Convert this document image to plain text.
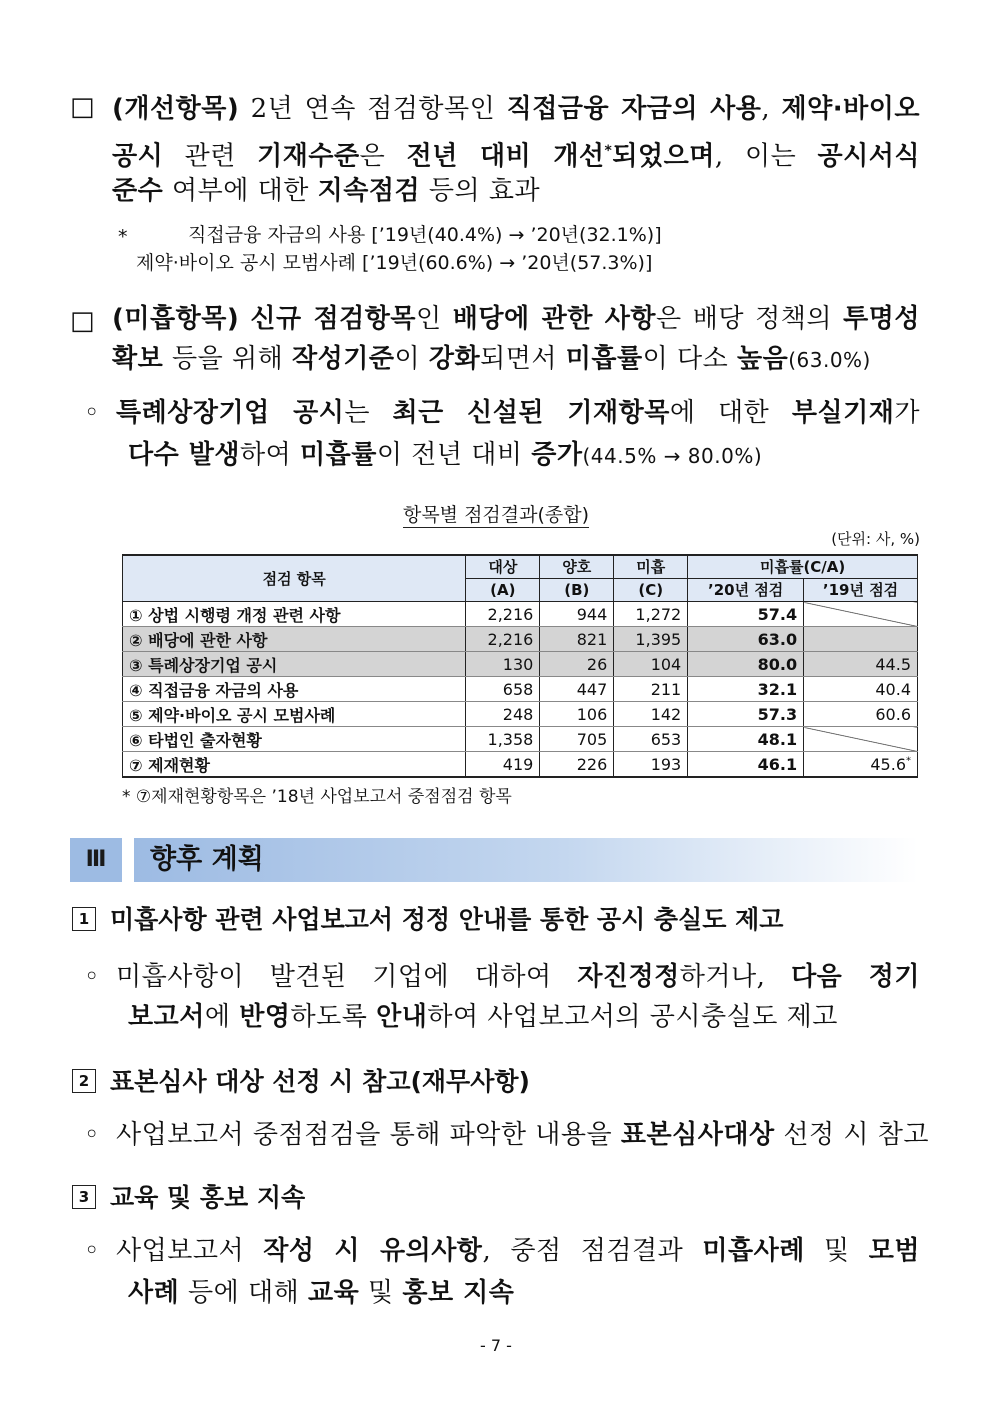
□ (개선항목) 2년 연속 점검항목인 직접금융 자금의 사용, 제약·바이오
공시 관련 기재수준은 전년 대비 개선*되었으며, 이는 공시서식
준수 여부에 대한 지속점검 등의 효과
*	직접금융 자금의 사용 [’19년(40.4%) → ’20년(32.1%)]
제약·바이오 공시 모범사례 [’19년(60.6%) → ’20년(57.3%)]
□ (미흡항목) 신규 점검항목인 배당에 관한 사항은 배당 정책의 투명성
확보 등을 위해 작성기준이 강화되면서 미흡률이 다소 높음(63.0%)
◦ 특례상장기업 공시는 최근 신설된 기재항목에 대한 부실기재가
다수 발생하여 미흡률이 전년 대비 증가(44.5% → 80.0%)
항목별 점검결과(종합)
(단위: 사, %)
점검 항목	대상	양호	미흡	미흡률(C/A)	
	(A)	(B)	(C)	’20년 점검	’19년 점검
① 상법 시행령 개정 관련 사항	2,216	944	1,272	57.4	
② 배당에 관한 사항	2,216	821	1,395	63.0	
③ 특례상장기업 공시	130	26	104	80.0	44.5
④ 직접금융 자금의 사용	658	447	211	32.1	40.4
⑤ 제약·바이오 공시 모범사례	248	106	142	57.3	60.6
⑥ 타법인 출자현황	1,358	705	653	48.1	
⑦ 제재현황	419	226	193	46.1	45.6*
* ⑦제재현황항목은 ’18년 사업보고서 중점점검 항목
Ⅲ	향후 계획
1 미흡사항 관련 사업보고서 정정 안내를 통한 공시 충실도 제고
◦ 미흡사항이 발견된 기업에 대하여 자진정정하거나, 다음 정기
보고서에 반영하도록 안내하여 사업보고서의 공시충실도 제고
2 표본심사 대상 선정 시 참고(재무사항)
◦ 사업보고서 중점점검을 통해 파악한 내용을 표본심사대상 선정 시 참고
3 교육 및 홍보 지속
◦ 사업보고서 작성 시 유의사항, 중점 점검결과 미흡사례 및 모범
사례 등에 대해 교육 및 홍보 지속
- 7 -
